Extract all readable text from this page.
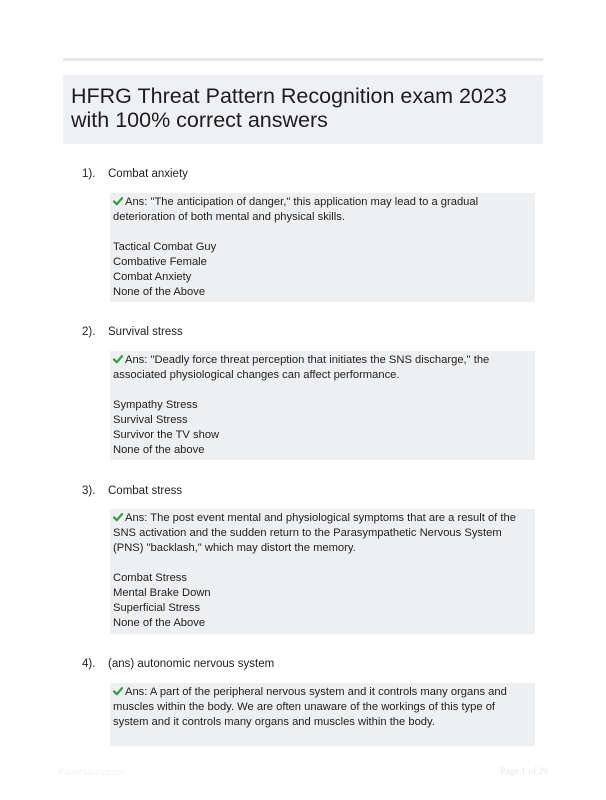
HFRG Threat Pattern Recognition exam 2023 with 100% correct answers
1). Combat anxiety

Ans: "The anticipation of danger," this application may lead to a gradual deterioration of both mental and physical skills.

Tactical Combat Guy
Combative Female
Combat Anxiety
None of the Above
2). Survival stress

Ans: "Deadly force threat perception that initiates the SNS discharge," the associated physiological changes can affect performance.

Sympathy Stress
Survival Stress
Survivor the TV show
None of the above
3). Combat stress

Ans: The post event mental and physiological symptoms that are a result of the SNS activation and the sudden return to the Parasympathetic Nervous System (PNS) "backlash," which may distort the memory.

Combat Stress
Mental Brake Down
Superficial Stress
None of the Above
4). (ans) autonomic nervous system

Ans: A part of the peripheral nervous system and it controls many organs and muscles within the body. We are often unaware of the workings of this type of system and it controls many organs and muscles within the body.

PaperStudy.com	Page 1 of 29
